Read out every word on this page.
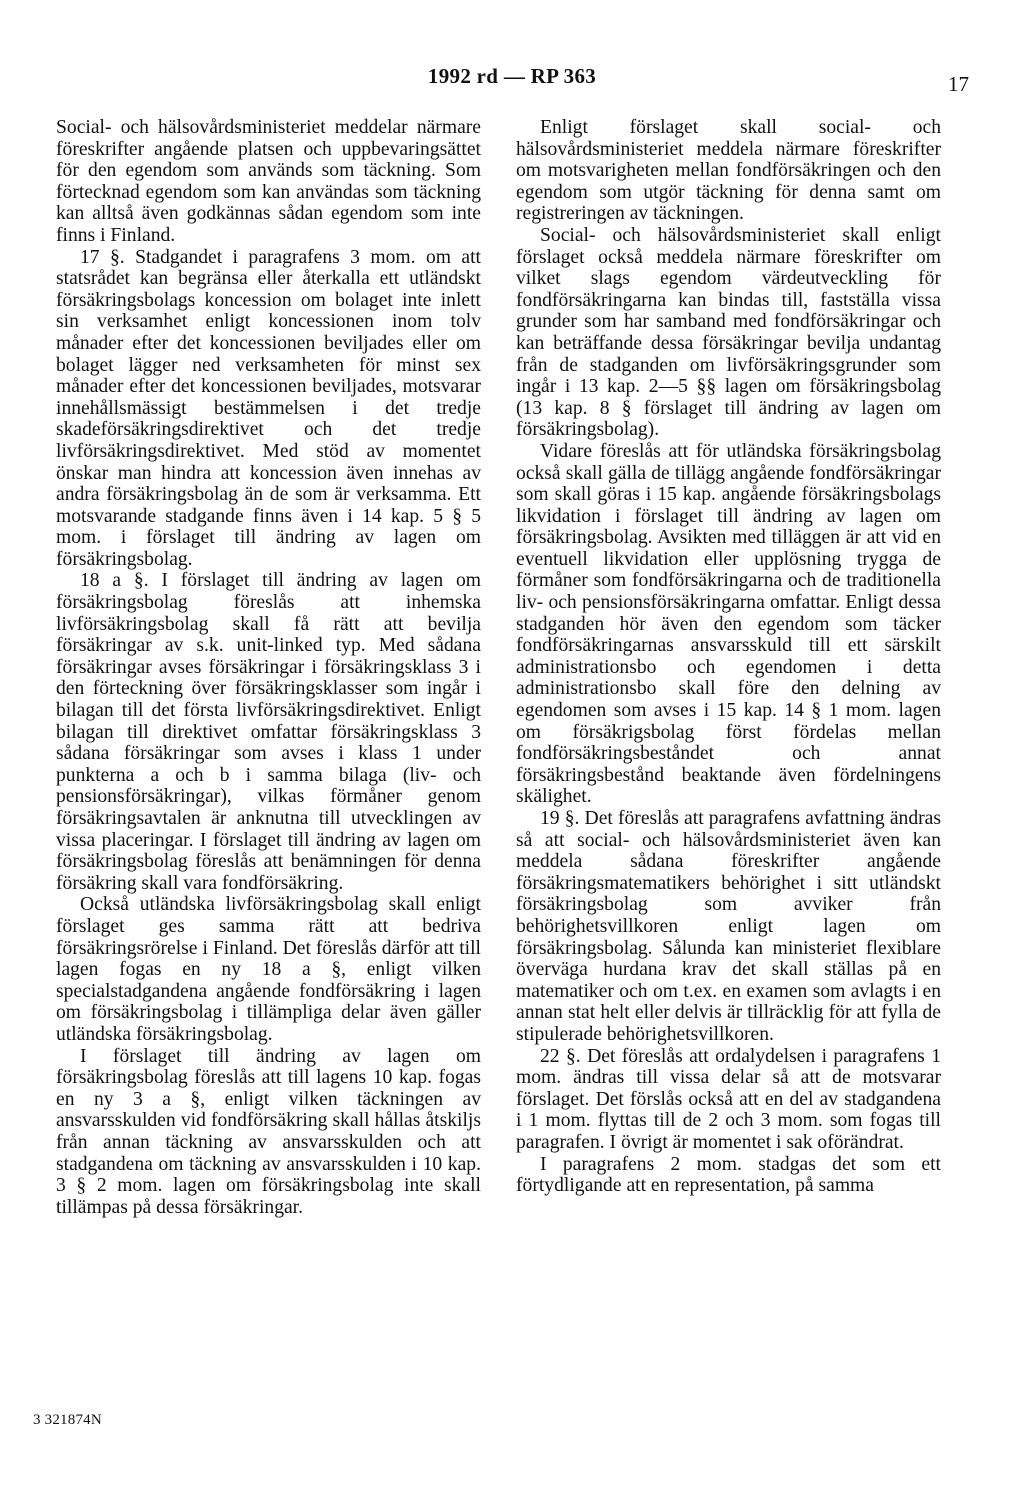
1992 rd — RP 363	17

Social- och hälsovårdsministeriet meddelar närmare föreskrifter angående platsen och uppbevaringsättet för den egendom som används som täckning. Som förtecknad egendom som kan användas som täckning kan alltså även godkännas sådan egendom som inte finns i Finland.

17 §. Stadgandet i paragrafens 3 mom. om att statsrådet kan begränsa eller återkalla ett utländskt försäkringsbolags koncession om bolaget inte inlett sin verksamhet enligt koncessionen inom tolv månader efter det koncessionen beviljades eller om bolaget lägger ned verksamheten för minst sex månader efter det koncessionen beviljades, motsvarar innehållsmässigt bestämmelsen i det tredje skadeförsäkringsdirektivet och det tredje livförsäkringsdirektivet. Med stöd av momentet önskar man hindra att koncession även innehas av andra försäkringsbolag än de som är verksamma. Ett motsvarande stadgande finns även i 14 kap. 5 § 5 mom. i förslaget till ändring av lagen om försäkringsbolag.

18 a §. I förslaget till ändring av lagen om försäkringsbolag föreslås att inhemska livförsäkringsbolag skall få rätt att bevilja försäkringar av s.k. unit-linked typ. Med sådana försäkringar avses försäkringar i försäkringsklass 3 i den förteckning över försäkringsklasser som ingår i bilagan till det första livförsäkringsdirektivet. Enligt bilagan till direktivet omfattar försäkringsklass 3 sådana försäkringar som avses i klass 1 under punkterna a och b i samma bilaga (liv- och pensionsförsäkringar), vilkas förmåner genom försäkringsavtalen är anknutna till utvecklingen av vissa placeringar. I förslaget till ändring av lagen om försäkringsbolag föreslås att benämningen för denna försäkring skall vara fondförsäkring.

Också utländska livförsäkringsbolag skall enligt förslaget ges samma rätt att bedriva försäkringsrörelse i Finland. Det föreslås därför att till lagen fogas en ny 18 a §, enligt vilken specialstadgandena angående fondförsäkring i lagen om försäkringsbolag i tillämpliga delar även gäller utländska försäkringsbolag.

I förslaget till ändring av lagen om försäkringsbolag föreslås att till lagens 10 kap. fogas en ny 3 a §, enligt vilken täckningen av ansvarsskulden vid fondförsäkring skall hållas åtskiljs från annan täckning av ansvarsskulden och att stadgandena om täckning av ansvarsskulden i 10 kap. 3 § 2 mom. lagen om försäkringsbolag inte skall tillämpas på dessa försäkringar.

Enligt förslaget skall social- och hälsovårdsministeriet meddela närmare föreskrifter om motsvarigheten mellan fondförsäkringen och den egendom som utgör täckning för denna samt om registreringen av täckningen.

Social- och hälsovårdsministeriet skall enligt förslaget också meddela närmare föreskrifter om vilket slags egendom värdeutveckling för fondförsäkringarna kan bindas till, fastställa vissa grunder som har samband med fondförsäkringar och kan beträffande dessa försäkringar bevilja undantag från de stadganden om livförsäkringsgrunder som ingår i 13 kap. 2—5 §§ lagen om försäkringsbolag (13 kap. 8 § förslaget till ändring av lagen om försäkringsbolag).

Vidare föreslås att för utländska försäkringsbolag också skall gälla de tillägg angående fondförsäkringar som skall göras i 15 kap. angående försäkringsbolags likvidation i förslaget till ändring av lagen om försäkringsbolag. Avsikten med tilläggen är att vid en eventuell likvidation eller upplösning trygga de förmåner som fondförsäkringarna och de traditionella liv- och pensionsförsäkringarna omfattar. Enligt dessa stadganden hör även den egendom som täcker fondförsäkringarnas ansvarsskuld till ett särskilt administrationsbo och egendomen i detta administrationsbo skall före den delning av egendomen som avses i 15 kap. 14 § 1 mom. lagen om försäkrigsbolag först fördelas mellan fondförsäkringsbeståndet och annat försäkringsbestånd beaktande även fördelningens skälighet.

19 §. Det föreslås att paragrafens avfattning ändras så att social- och hälsovårdsministeriet även kan meddela sådana föreskrifter angående försäkringsmatematikers behörighet i sitt utländskt försäkringsbolag som avviker från behörighetsvillkoren enligt lagen om försäkringsbolag. Sålunda kan ministeriet flexiblare överväga hurdana krav det skall ställas på en matematiker och om t.ex. en examen som avlagts i en annan stat helt eller delvis är tillräcklig för att fylla de stipulerade behörighetsvillkoren.

22 §. Det föreslås att ordalydelsen i paragrafens 1 mom. ändras till vissa delar så att de motsvarar förslaget. Det förslås också att en del av stadgandena i 1 mom. flyttas till de 2 och 3 mom. som fogas till paragrafen. I övrigt är momentet i sak oförändrat.

I paragrafens 2 mom. stadgas det som ett förtydligande att en representation, på samma

3 321874N
